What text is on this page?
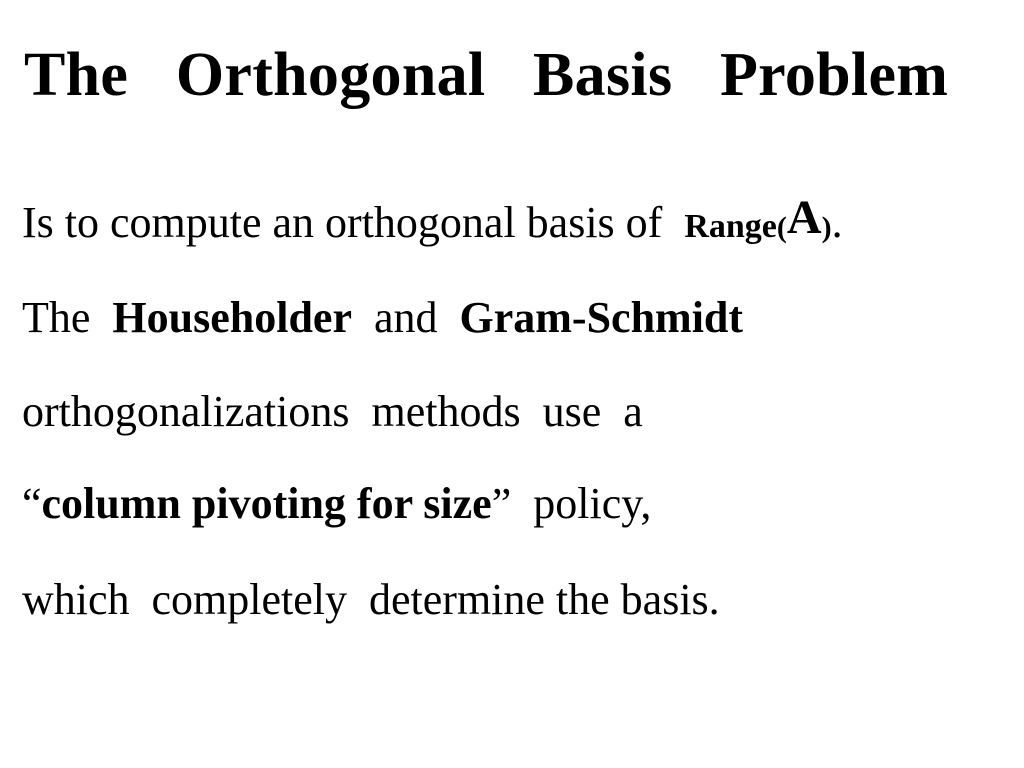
The  Orthogonal  Basis  Problem
Is to compute an orthogonal basis of  Range(A).
The  Householder  and  Gram-Schmidt
orthogonalizations  methods  use  a
“column pivoting for size”  policy,
which  completely  determine the basis.
